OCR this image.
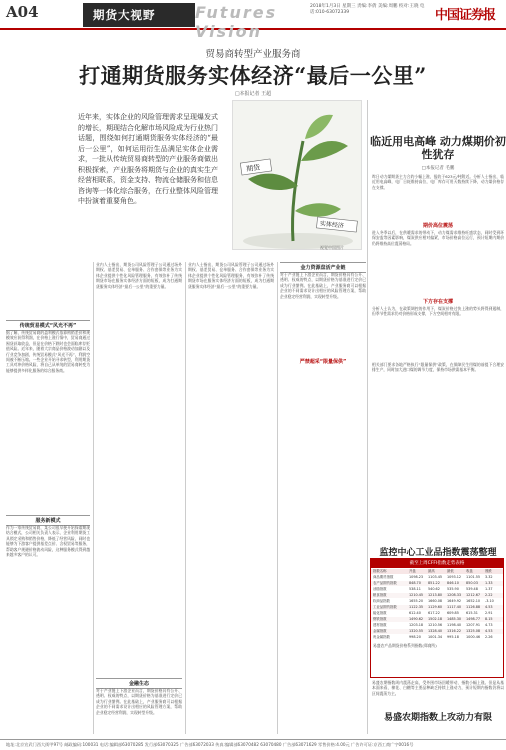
A04	期货大视野	Futures Vision
2018年1月3日 星期三 责编:李倩 美编:周鹏 校对:王晓 电话:010-63072339	中国证券报
贸易商转型产业服务商
打通期货服务实体经济“最后一公里”
□本报记者 王超
近年来，实体企业的风险管理需求呈现爆发式的增长，期现结合化解市场风险成为行业热门话题，围绕如何打通期货服务实体经济的“最后一公里”，如何运用衍生品满足实体企业需求，一批从传统贸易商转型的产业服务商做出积极探索，产业服务将期货与企业的真实生产经营相联系，资金支持、物流仓储服务和信息咨询等一体化综合服务，在行业整体风险管理中扮演着重要角色。
期货
实体经济
视觉中国图片
传统贸易模式“风光不再”
据了解，传统贸易商的盈利模式依靠购销差价和规模效应获得利润，在价格上涨行情中，贸易商通过囤货获取收益，但是在价格下跌时也会面临库存贬值风险。近年来，随着大宗商品价格波动加剧以及行业竞争加剧，传统贸易模式“风光不再”，利润空间被不断压缩。一些企业开始寻求转型，利用期货工具对冲价格风险，将自己从单纯的贸易商转变为能够提供多样化服务的综合服务商。
服务新模式
作为一家传统贸易商，某公司很早便开始探索期现结合模式，公司相关负责人表示，企业利用期货工具锁定采购和销售价格，降低了经营风险，同时也能够为下游客户提供基差点价、含权贸易等服务，帮助客户规避价格波动风险，这种服务模式得到越来越多客户的认可。
业内人士指出，期货公司风险管理子公司通过场外期权、基差贸易、仓单服务、合作套保等业务为实体企业提供个性化风险管理服务，有效弥补了传统期货市场在服务实体经济方面的短板，成为打通期货服务实体经济“最后一公里”的重要力量。
金融生态
对于产业链上下游企业而言，期货价格具有公开、透明、权威的特点，以期货价格为基准进行定价已成为行业惯例。在此基础上，产业服务商可以根据企业的不同需求设计出相应的风险管理方案，帮助企业稳定经营利润，实现转型升级。
业内人士指出，期货公司风险管理子公司通过场外期权、基差贸易、仓单服务、合作套保等业务为实体企业提供个性化风险管理服务，有效弥补了传统期货市场在服务实体经济方面的短板，成为打通期货服务实体经济“最后一公里”的重要力量。
金力资源盘活产业链
对于产业链上下游企业而言，期货价格具有公开、透明、权威的特点，以期货价格为基准进行定价已成为行业惯例。在此基础上，产业服务商可以根据企业的不同需求设计出相应的风险管理方案，帮助企业稳定经营利润，实现转型升级。
临近用电高峰 动力煤期价初性犹存
□本报记者 毛鹏
昨日动力煤期货主力合约小幅上涨，报收于623元/吨附近。分析人士指出，临近用电高峰，电厂日耗维持高位，电厂库存可用天数持续下降，动力煤价格存在支撑。
期价高位震荡
进入冬季以后，在供暖需求的带动下，动力煤需求维持旺盛状态，同时受到环保安监等因素影响，煤炭供应相对偏紧，市场价格高位运行，预计短期内期价仍将维持高位震荡格局。
下方存在支撑
分析人士认为，在政策调控的作用下，煤炭价格过快上涨的势头将得到遏制，但季节性需求仍对价格形成支撑，下方空间相对有限。
严禁超采“限量保供”	相关部门要求各地严格执行“限量保供”政策，在保障民生用煤的前提下合理安排生产，同时加大进口煤的调节力度，保持市场供需基本平衡。
监控中心工业品指数震荡整理
截至上周CFFI指数走势表格
指数名称	开盘	最高	最低	收盘	涨跌
商品期货指数	1098.23	1103.45	1093.12	1101.55	3.32
农产品期货指数	848.70	851.22	846.10	850.03	1.33
油脂指数	538.11	540.62	535.90	539.48	1.37
粮食指数	1210.45	1213.80	1208.33	1212.67	2.22
软商品指数	1655.20	1660.08	1649.92	1652.10	-3.10
工业品期货指数	1122.35	1129.60	1117.40	1126.88	4.53
能化指数	612.40	617.22	609.85	615.31	2.91
钢铁指数	1490.62	1502.18	1485.30	1498.77	8.15
建材指数	1203.18	1210.56	1198.40	1207.91	4.73
金属指数	1320.55	1328.40	1316.22	1325.08	4.53
贵金属指数	998.20	1001.34	995.18	1000.46	2.26
易盛农产品期货价格系列指数(郑商所)
易盛农期指数上攻动力有限
易盛农期指数周内震荡走高，受外围市场回暖带动，指数小幅上涨。但是从基本面来看，棉花、白糖等主要品种缺乏持续上涨动力，预计短期内指数仍将以区间震荡为主。
地址:北京宣武门西大街甲97号 邮政编码:100031 电话:编辑部63070285 发行部63070325 广告部63072033 传真:编辑部63070482 63070480 广告部63071629 零售价格:4.00元 广告许可证:京西工商广字0016号
